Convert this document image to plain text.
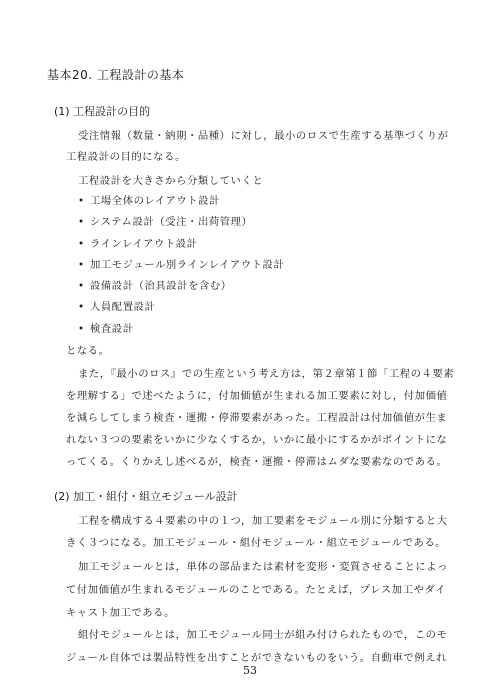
基本20. 工程設計の基本
(1) 工程設計の目的
受注情報（数量・納期・品種）に対し，最小のロスで生産する基準づくりが
工程設計の目的になる。
工程設計を大きさから分類していくと
• 工場全体のレイアウト設計
• システム設計（受注・出荷管理）
• ラインレイアウト設計
• 加工モジュール別ラインレイアウト設計
• 設備設計（治具設計を含む）
• 人員配置設計
• 検査設計
となる。
また，『最小のロス』での生産という考え方は，第２章第１節「工程の４要素
を理解する」で述べたように，付加価値が生まれる加工要素に対し，付加価値
を減らしてしまう検査・運搬・停滞要素があった。工程設計は付加価値が生ま
れない３つの要素をいかに少なくするか，いかに最小にするかがポイントにな
ってくる。くりかえし述べるが，検査・運搬・停滞はムダな要素なのである。
(2) 加工・組付・組立モジュール設計
工程を構成する４要素の中の１つ，加工要素をモジュール別に分類すると大
きく３つになる。加工モジュール・組付モジュール・組立モジュールである。
加工モジュールとは，単体の部品または素材を変形・変質させることによっ
て付加価値が生まれるモジュールのことである。たとえば，プレス加工やダイ
キャスト加工である。
組付モジュールとは，加工モジュール同士が組み付けられたもので，このモ
ジュール自体では製品特性を出すことができないものをいう。自動車で例えれ
53
